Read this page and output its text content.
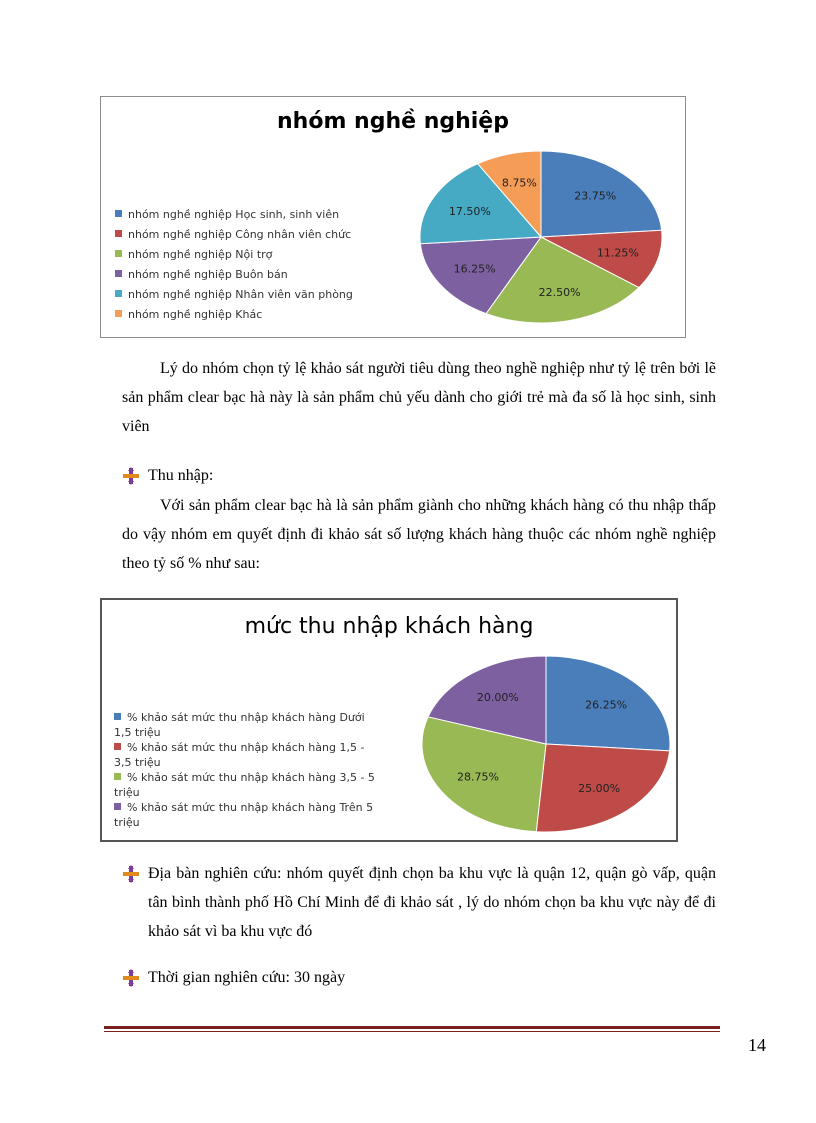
nhóm nghề nghiệp
nhóm nghề nghiệp Học sinh, sinh viên
nhóm nghề nghiệp Công nhân viên chức
nhóm nghề nghiệp Nội trợ
nhóm nghề nghiệp Buôn bán
nhóm nghề nghiệp Nhân viên văn phòng
nhóm nghề nghiệp Khác
23.75%
11.25%
22.50%
16.25%
17.50%
8.75%

Lý do nhóm chọn tỷ lệ khảo sát người tiêu dùng theo nghề nghiệp như tỷ lệ trên bởi lẽ sản phẩm clear bạc hà này là sản phẩm chủ yếu dành cho giới trẻ mà đa số là học sinh, sinh viên

Thu nhập:

Với sản phẩm clear bạc hà là sản phẩm giành cho những khách hàng có thu nhập thấp do vậy nhóm em quyết định đi khảo sát số lượng khách hàng thuộc các nhóm nghề nghiệp theo tỷ số % như sau:

mức thu nhập khách hàng
% khảo sát mức thu nhập khách hàng Dưới 1,5 triệu
% khảo sát mức thu nhập khách hàng 1,5 - 3,5 triệu
% khảo sát mức thu nhập khách hàng 3,5 - 5 triệu
% khảo sát mức thu nhập khách hàng Trên 5 triệu
26.25%
25.00%
28.75%
20.00%
Địa bàn nghiên cứu: nhóm quyết định chọn ba khu vực là quận 12, quận gò vấp, quận tân bình thành phố Hồ Chí Minh để đi khảo sát , lý do nhóm chọn ba khu vực này để đi khảo sát vì ba khu vực đó
Thời gian nghiên cứu: 30 ngày
14
